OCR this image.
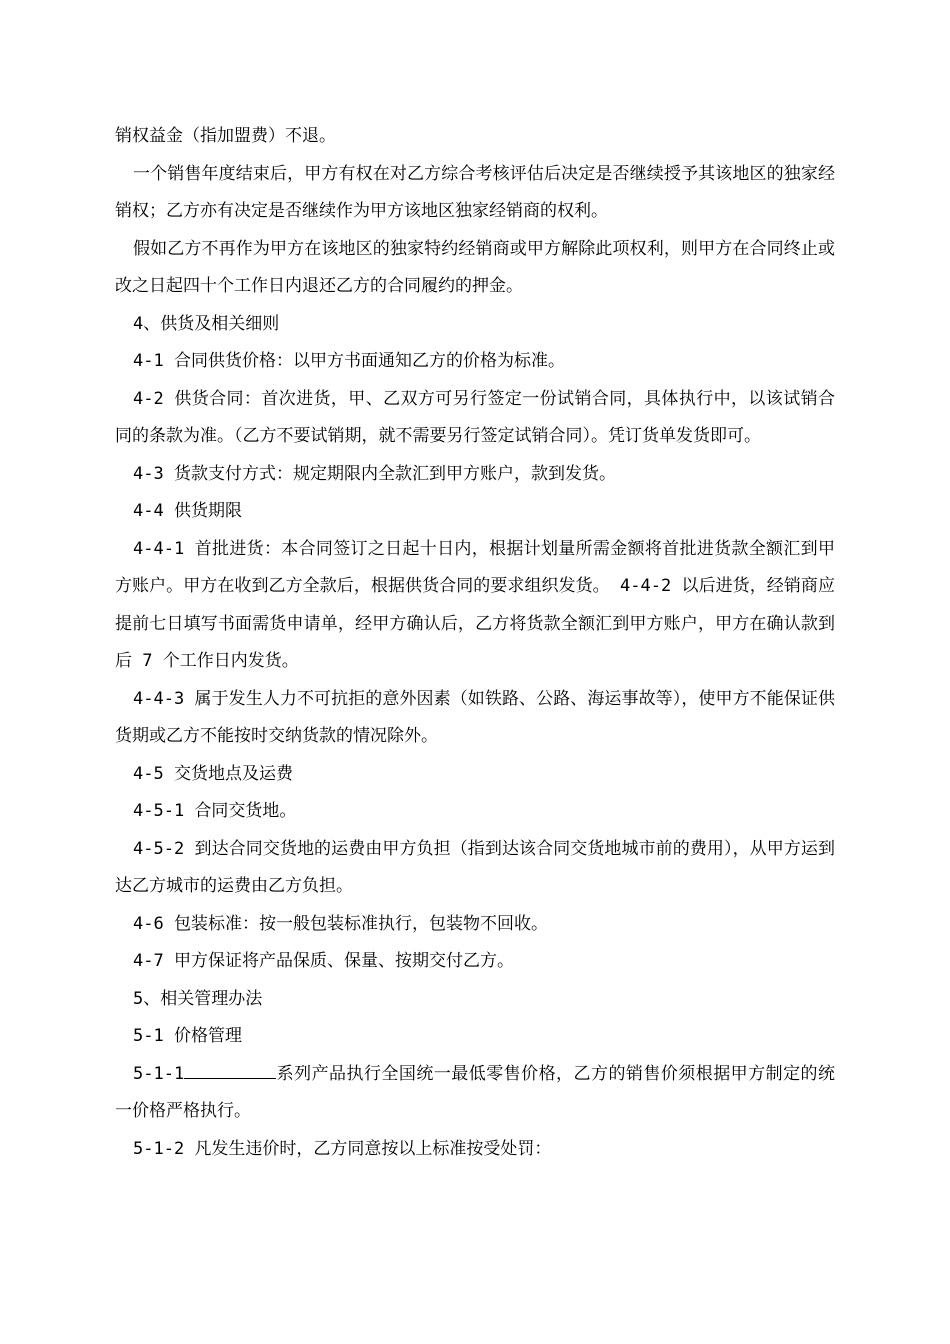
销权益金（指加盟费）不退。

一个销售年度结束后，甲方有权在对乙方综合考核评估后决定是否继续授予其该地区的独家经销权；乙方亦有决定是否继续作为甲方该地区独家经销商的权利。

假如乙方不再作为甲方在该地区的独家特约经销商或甲方解除此项权利，则甲方在合同终止或改之日起四十个工作日内退还乙方的合同履约的押金。

4、供货及相关细则

4-1 合同供货价格：以甲方书面通知乙方的价格为标准。

4-2 供货合同：首次进货，甲、乙双方可另行签定一份试销合同，具体执行中，以该试销合同的条款为准。（乙方不要试销期，就不需要另行签定试销合同）。凭订货单发货即可。

4-3 货款支付方式：规定期限内全款汇到甲方账户，款到发货。

4-4 供货期限

4-4-1 首批进货：本合同签订之日起十日内，根据计划量所需金额将首批进货款全额汇到甲方账户。甲方在收到乙方全款后，根据供货合同的要求组织发货。 4-4-2 以后进货，经销商应提前七日填写书面需货申请单，经甲方确认后，乙方将货款全额汇到甲方账户，甲方在确认款到后 7 个工作日内发货。

4-4-3 属于发生人力不可抗拒的意外因素（如铁路、公路、海运事故等），使甲方不能保证供货期或乙方不能按时交纳货款的情况除外。

4-5 交货地点及运费

4-5-1 合同交货地。

4-5-2 到达合同交货地的运费由甲方负担（指到达该合同交货地城市前的费用），从甲方运到达乙方城市的运费由乙方负担。

4-6 包装标准：按一般包装标准执行，包装物不回收。

4-7 甲方保证将产品保质、保量、按期交付乙方。

5、相关管理办法

5-1 价格管理

5-1-1	系列产品执行全国统一最低零售价格，乙方的销售价须根据甲方制定的统一价格严格执行。

5-1-2 凡发生违价时，乙方同意按以上标准按受处罚：
